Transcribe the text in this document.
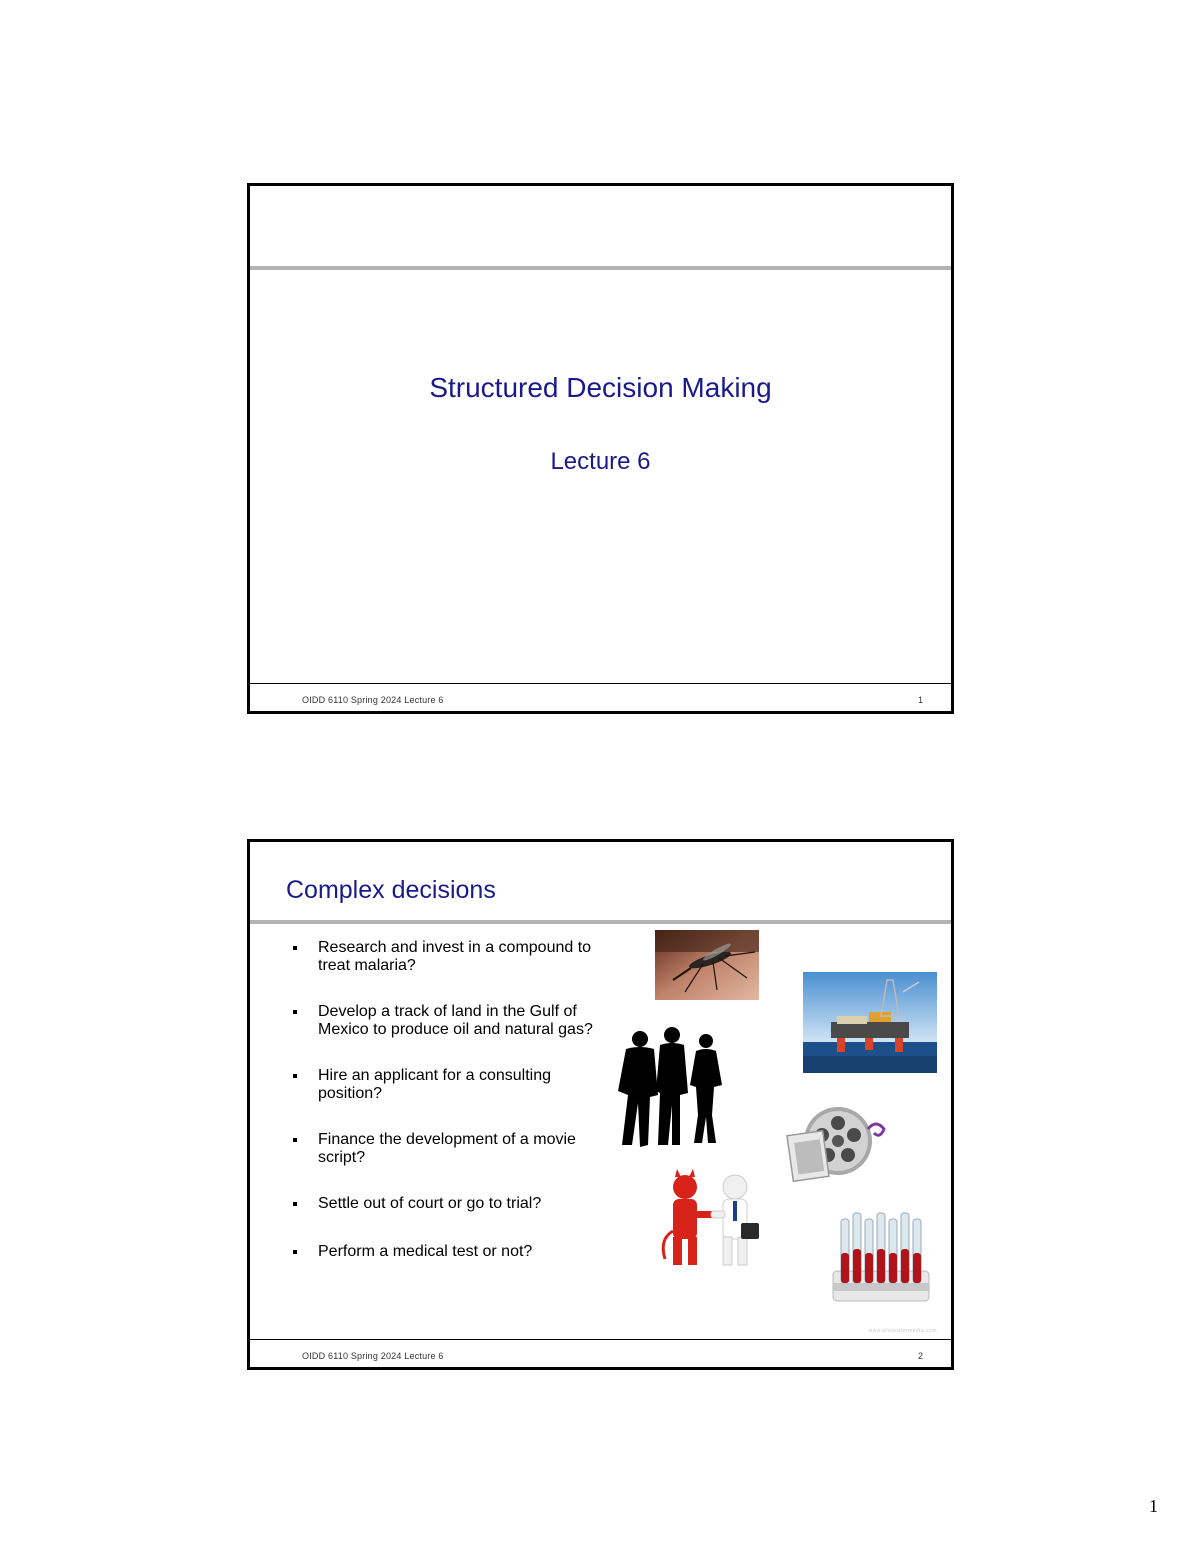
Structured Decision Making
Lecture 6
OIDD 6110 Spring 2024 Lecture 6	1
Complex decisions
Research and invest in a compound to treat malaria?
Develop a track of land in the Gulf of Mexico to produce oil and natural gas?
Hire an applicant for a consulting position?
Finance the development of a movie script?
Settle out of court or go to trial?
Perform a medical test or not?
www.presentermedia.com
OIDD 6110 Spring 2024 Lecture 6	2
1
